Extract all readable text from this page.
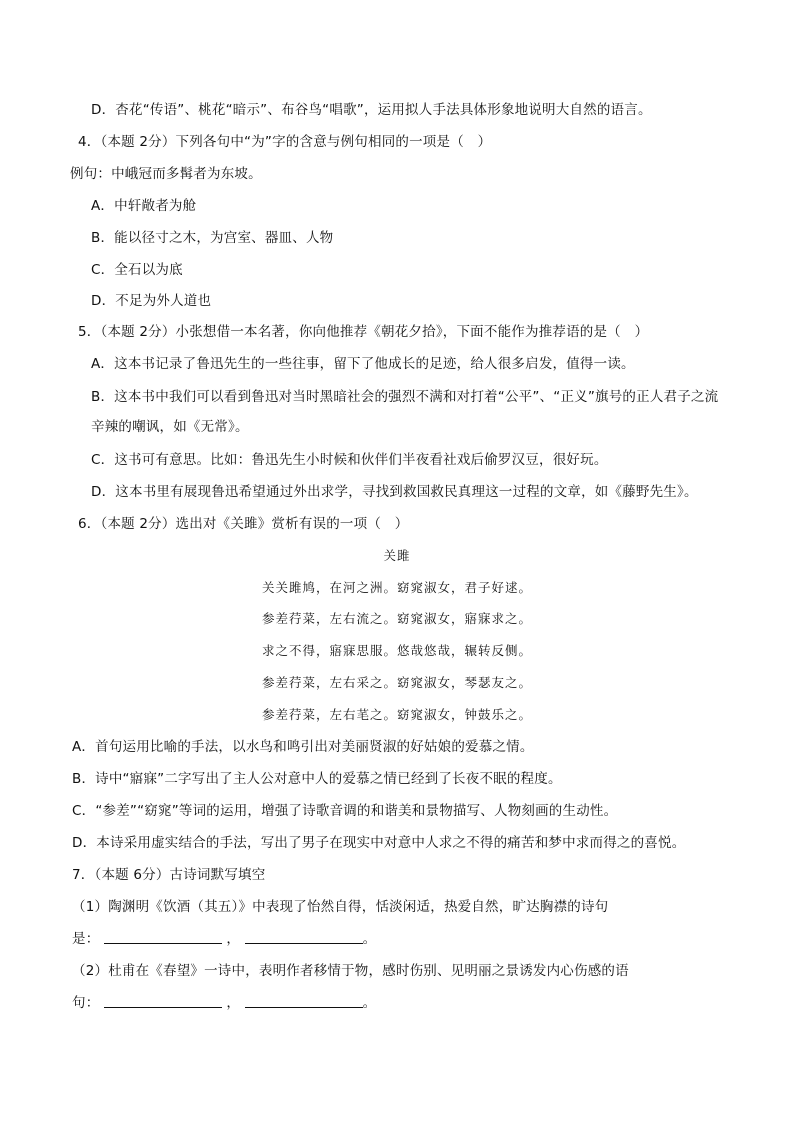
D．杏花“传语”、桃花“暗示”、布谷鸟“唱歌”，运用拟人手法具体形象地说明大自然的语言。
4．（本题 2分）下列各句中“为”字的含意与例句相同的一项是（　）
例句：中峨冠而多髯者为东坡。
A．中轩敞者为舱
B．能以径寸之木，为宫室、器皿、人物
C．全石以为底
D．不足为外人道也
5．（本题 2分）小张想借一本名著，你向他推荐《朝花夕拾》，下面不能作为推荐语的是（　）
A．这本书记录了鲁迅先生的一些往事，留下了他成长的足迹，给人很多启发，值得一读。
B．这本书中我们可以看到鲁迅对当时黑暗社会的强烈不满和对打着“公平”、“正义”旗号的正人君子之流
辛辣的嘲讽，如《无常》。
C．这书可有意思。比如：鲁迅先生小时候和伙伴们半夜看社戏后偷罗汉豆，很好玩。
D．这本书里有展现鲁迅希望通过外出求学，寻找到救国救民真理这一过程的文章，如《藤野先生》。
6．（本题 2分）选出对《关雎》赏析有误的一项（　）
关雎
关关雎鸠，在河之洲。窈窕淑女，君子好逑。
参差荇菜，左右流之。窈窕淑女，寤寐求之。
求之不得，寤寐思服。悠哉悠哉，辗转反侧。
参差荇菜，左右采之。窈窕淑女，琴瑟友之。
参差荇菜，左右芼之。窈窕淑女，钟鼓乐之。
A．首句运用比喻的手法，以水鸟和鸣引出对美丽贤淑的好姑娘的爱慕之情。
B．诗中“寤寐”二字写出了主人公对意中人的爱慕之情已经到了长夜不眠的程度。
C．“参差”“窈窕”等词的运用，增强了诗歌音调的和谐美和景物描写、人物刻画的生动性。
D．本诗采用虚实结合的手法，写出了男子在现实中对意中人求之不得的痛苦和梦中求而得之的喜悦。
7．（本题 6分）古诗词默写填空
（1）陶渊明《饮酒（其五）》中表现了怡然自得，恬淡闲适，热爱自然，旷达胸襟的诗句
是：	，	。
（2）杜甫在《春望》一诗中，表明作者移情于物，感时伤别、见明丽之景诱发内心伤感的语
句：	，	。
